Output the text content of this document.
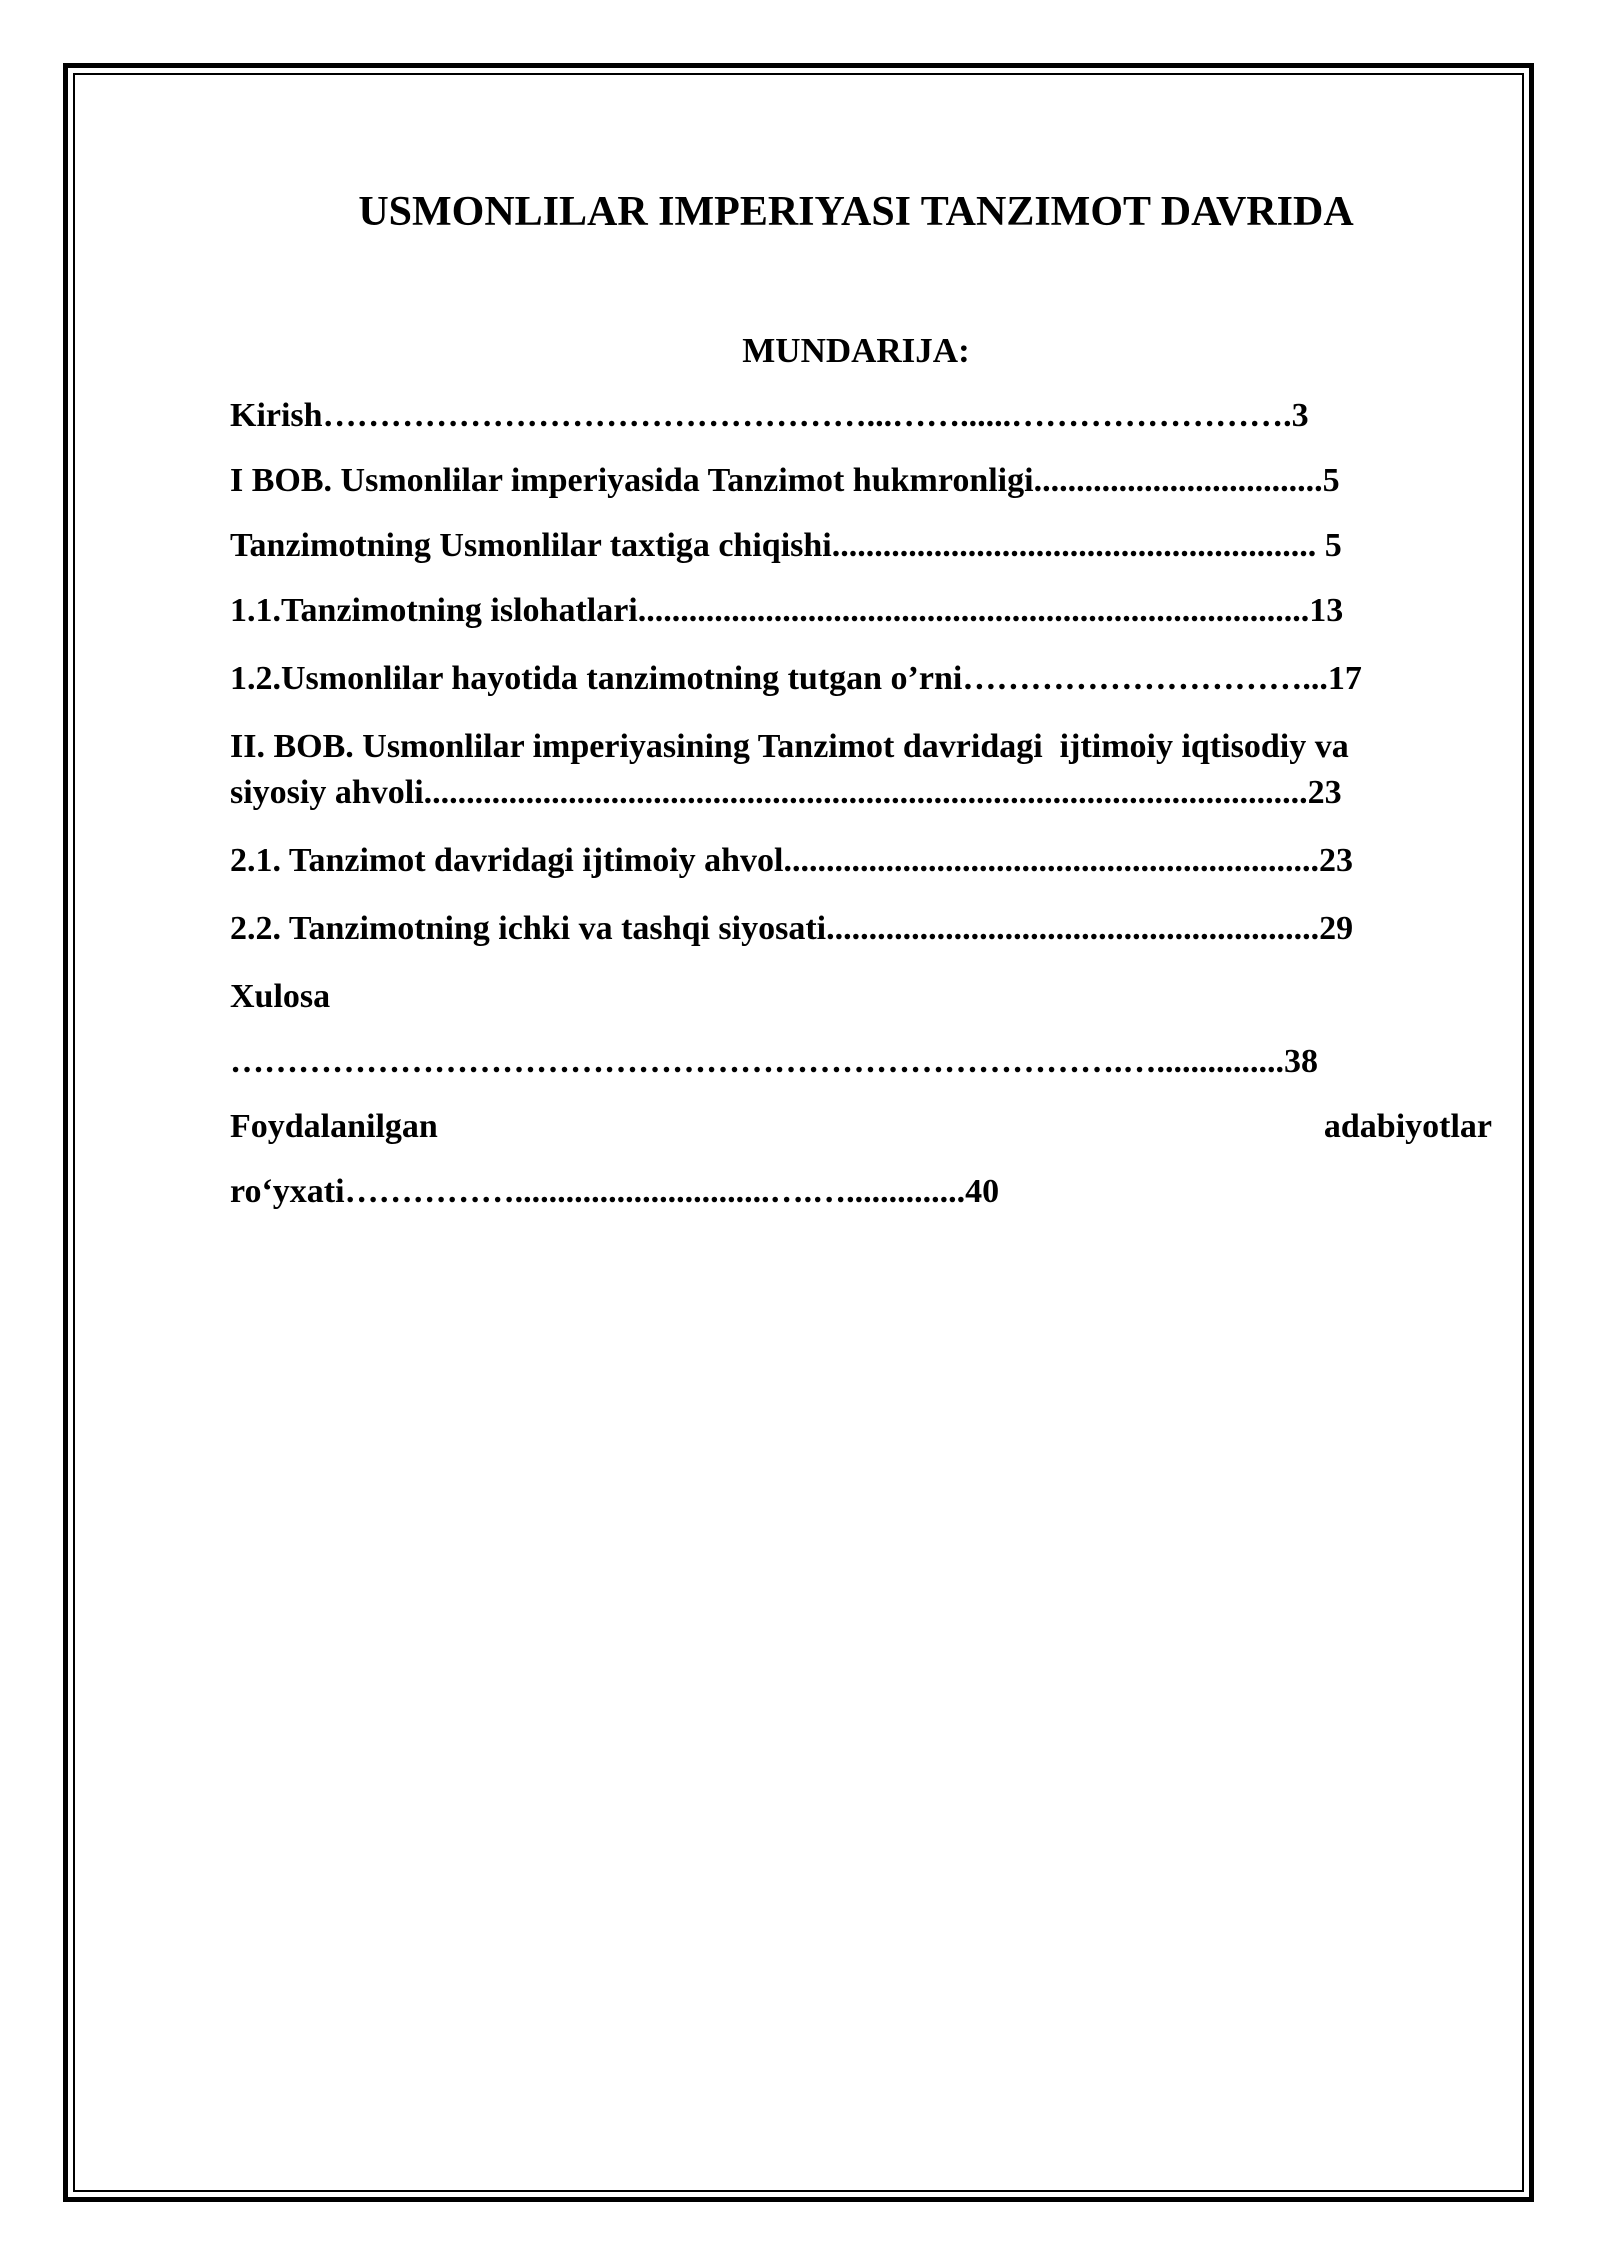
USMONLILAR IMPERIYASI TANZIMOT DAVRIDA
MUNDARIJA:

Kirish…………………………………………...……......…………………….3

I BOB. Usmonlilar imperiyasida Tanzimot hukmronligi..................................5

Tanzimotning Usmonlilar taxtiga chiqishi......................................................... 5

1.1.Tanzimotning islohatlari...............................................................................13

1.2.Usmonlilar hayotida tanzimotning tutgan o’rni…………………………...17

II. BOB. Usmonlilar imperiyasining Tanzimot davridagi  ijtimoiy iqtisodiy va

siyosiy ahvoli........................................................................................................23

2.1. Tanzimot davridagi ijtimoiy ahvol...............................................................23

2.2. Tanzimotning ichki va tashqi siyosati..........................................................29

Xulosa

…………………………………………………………………….…...............38

Foydalanilgan	adabiyotlar

ro‘yxati……………..............................….…..............40
